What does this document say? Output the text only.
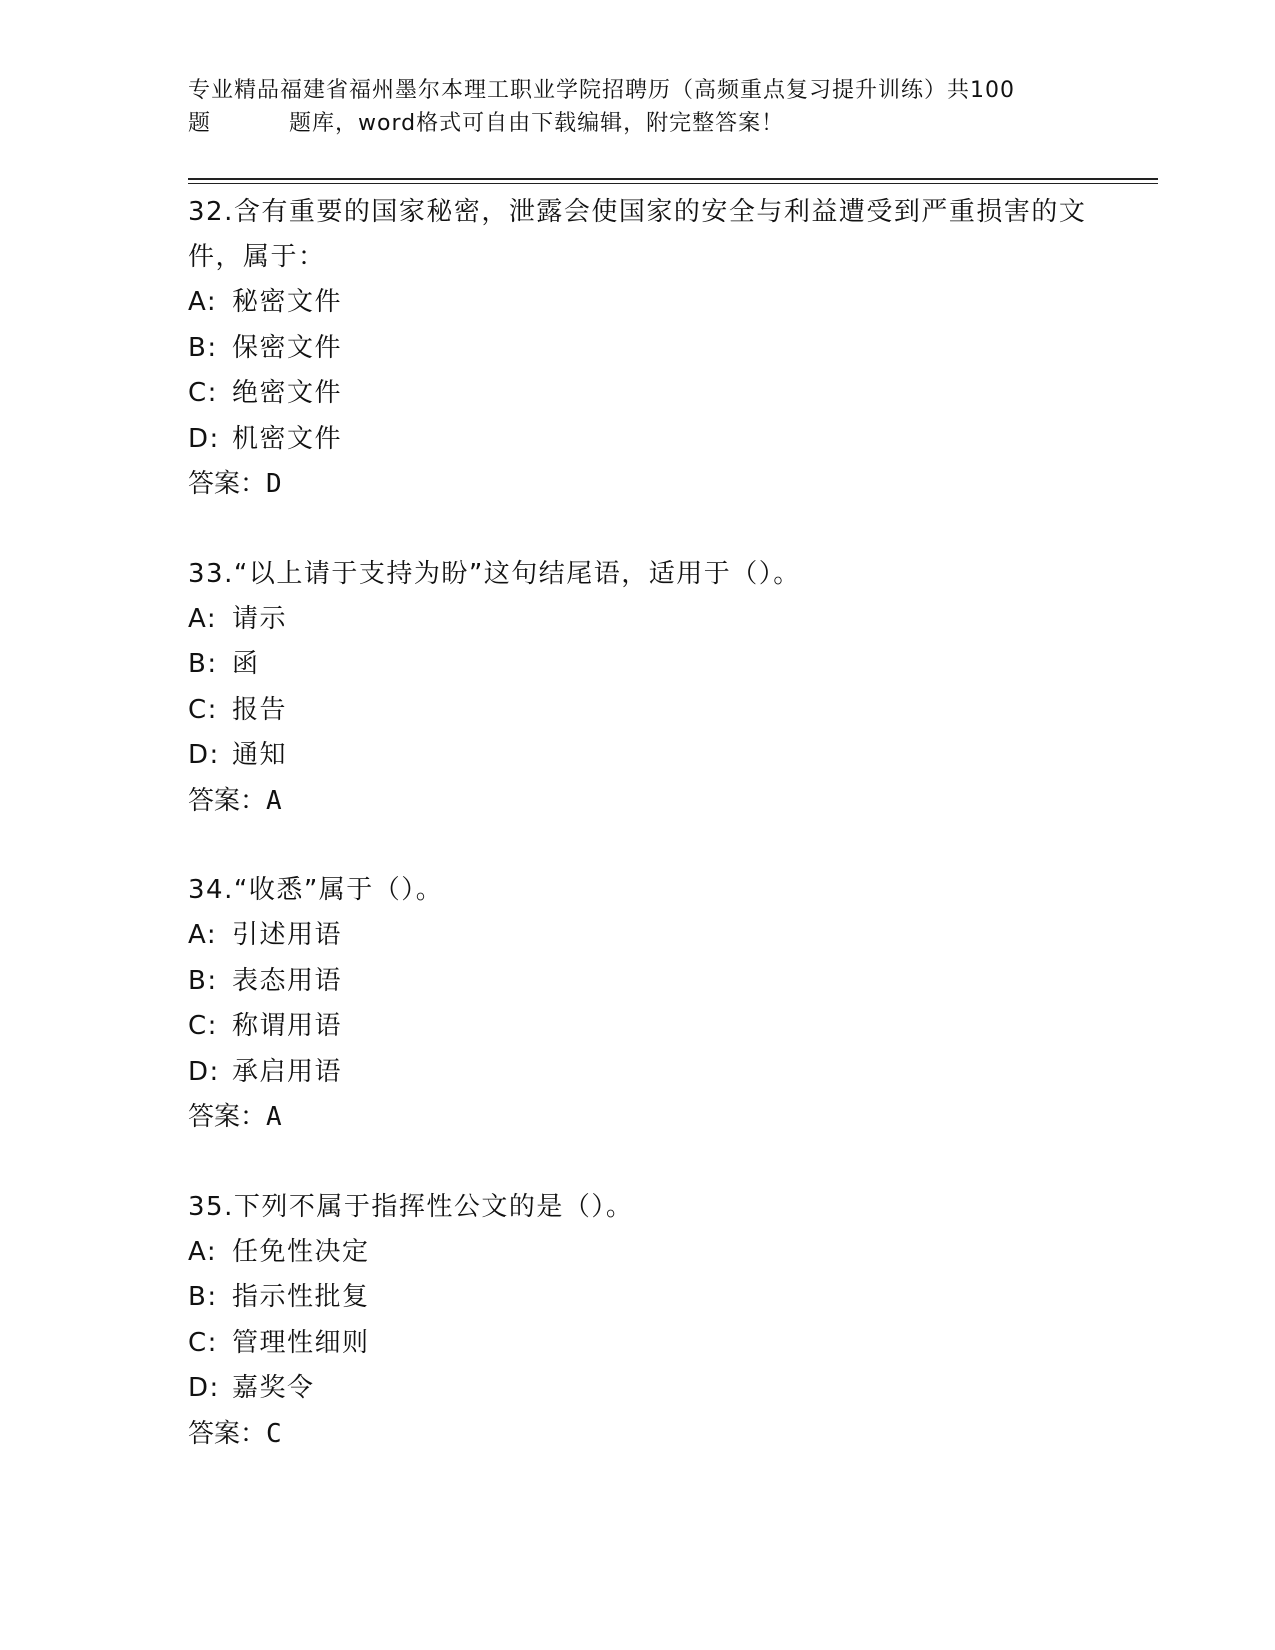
专业精品福建省福州墨尔本理工职业学院招聘历（高频重点复习提升训练）共100
题	题库，word格式可自由下载编辑，附完整答案！
32.含有重要的国家秘密，泄露会使国家的安全与利益遭受到严重损害的文件，属于：
A: 秘密文件
B: 保密文件
C: 绝密文件
D: 机密文件
答案：D
33.“以上请于支持为盼”这句结尾语，适用于（）。
A: 请示
B: 函
C: 报告
D: 通知
答案：A
34.“收悉”属于（）。
A: 引述用语
B: 表态用语
C: 称谓用语
D: 承启用语
答案：A
35.下列不属于指挥性公文的是（）。
A: 任免性决定
B: 指示性批复
C: 管理性细则
D: 嘉奖令
答案：C
